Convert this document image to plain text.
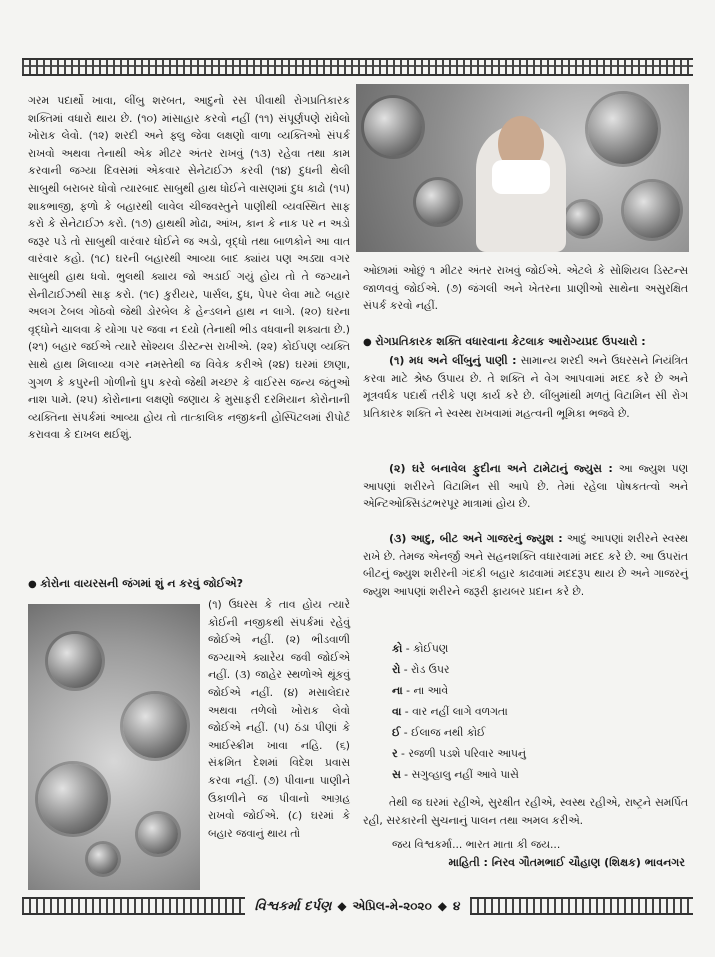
ગરમ પદાર્થો ખાવા, લીંબુ શરબત, આદુનો રસ પીવાથી રોગપ્રતિકારક શક્તિમાં વધારો થાય છે. (૧૦) માંસાહાર કરવો નહીં (૧૧) સંપૂર્ણપણે રાંધેલો ખોરાક લેવો. (૧૨) શરદી અને ફ્લુ જેવા લક્ષણો વાળા વ્યક્તિઓ સંપર્ક રાખવો અથવા તેનાથી એક મીટર અંતર રાખવું (૧૩) રહેવા તથા કામ કરવાની જગ્યા દિવસમાં એકવાર સેનેટાઈઝ કરવી (૧૪) દુધની થેલી સાબુથી બરાબર ધોવો ત્યારબાદ સાબુથી હાથ ધોઈને વાસણમાં દુધ કાઢો (૧૫) શાકભાજી, ફળો કે બહારથી લાવેલ ચીજવસ્તુને પાણીથી વ્યવસ્થિત સાફ કરો કે સેનેટાઈઝ કરો. (૧૭) હાથથી મોઢા, આંખ, કાન કે નાક પર ન અડો જરૂર પડે તો સાબુથી વારંવાર ધોઈને જ અડો, વૃદ્ધો તથા બાળકોને આ વાત વારંવાર કહો. (૧૮) ઘરની બહારથી આવ્યા બાદ ક્યાંય પણ અડ્યા વગર સાબુથી હાથ ધવો. ભુલથી ક્યાય જો અડાઈ ગયું હોય તો તે જગ્યાને સેનીટાઈઝથી સાફ કરો. (૧૯) કુરીયર, પાર્સલ, દુધ, પેપર લેવા માટે બહાર અલગ ટેબલ ગોઠવો જેથી ડોરબેલ કે હેન્ડલને હાથ ન લાગે. (૨૦) ઘરના વૃદ્ધોને ચાલવા કે યોગા પર જવા ન દયો (તેનાથી ભીડ વધવાની શક્યતા છે.) (૨૧) બહાર જઈએ ત્યારે સોશ્યલ ડીસ્ટન્સ રાખીએ. (૨૨) કોઈપણ વ્યક્તિ સાથે હાથ મિલાવ્યા વગર નમસ્તેથી જ વિવેક કરીએ (૨૪) ઘરમાં છાણા, ગુગળ કે કપુરની ગોળીનો ધુપ કરવો જેથી મચ્છર કે વાઈરસ જન્ય જંતુઓ નાશ પામે. (૨૫) કોરોનાના લક્ષણો જણાય કે મુસાફરી દરમિયાન કોરોનાની વ્યક્તિના સંપર્કમાં આવ્યા હોય તો તાત્કાલિક નજીકની હોસ્પિટલમાં રીપોર્ટ કરાવવા કે દાખલ થઈશું.

● કોરોના વાયરસની જંગમાં શું ન કરવું જોઈએ?

(૧) ઉધરસ કે તાવ હોય ત્યારે કોઈની નજીકથી સંપર્કમાં રહેવું જોઈએ નહીં. (૨) ભીડવાળી જગ્યાએ ક્યારેય જવી જોઈએ નહીં. (૩) જાહેર સ્થળોએ થૂંકવું જોઈએ નહીં. (૪) મસાલેદાર અથવા તળેલો ખોરાક લેવો જોઈએ નહીં. (૫) ઠંડા પીણાં કે આઈસ્ક્રીમ ખાવા નહિ. (૬) સંક્રમિત દેશમાં વિદેશ પ્રવાસ કરવા નહીં. (૭) પીવાના પાણીને ઉકાળીને જ પીવાનો આગ્રહ રાખવો જોઈએ. (૮) ઘરમાં કે બહાર જવાનું થાય તો

ઓછામાં ઓછું ૧ મીટર અંતર રાખવું જોઈએ. એટલે કે સોશિયલ ડિસ્ટન્સ જાળવવું જોઈએ. (૭) જંગલી અને ખેતરના પ્રાણીઓ સાથેના અસુરક્ષિત સંપર્ક કરવો નહીં.

● રોગપ્રતિકારક શક્તિ વધારવાના કેટલાક આરોગ્યપ્રદ ઉપચારો :

(૧) મધ અને લીંબુનું પાણી : સામાન્ય શરદી અને ઉધરસને નિયંત્રિત કરવા માટે શ્રેષ્ઠ ઉપાય છે. તે શક્તિ ને વેગ આપવામાં મદદ કરે છે અને મૂત્રવર્ધક પદાર્થ તરીકે પણ કાર્ય કરે છે. લીંબુમાંથી મળતું વિટામિન સી રોગ પ્રતિકારક શક્તિ ને સ્વસ્થ રાખવામાં મહત્વની ભૂમિકા ભજવે છે.

(૨) ઘરે બનાવેલ ફુદીના અને ટામેટાનું જ્યુસ : આ જ્યુશ પણ આપણાં શરીરને વિટામિન સી આપે છે. તેમાં રહેલા પોષકતત્વો અને એન્ટિઓક્સિડંટભરપૂર માત્રામાં હોય છે.

(૩) આદુ, બીટ અને ગાજરનું જ્યુશ : આદું આપણાં શરીરને સ્વસ્થ રાખે છે. તેમજ એનર્જી અને સહનશક્તિ વધારવામાં મદદ કરે છે. આ ઉપરાંત બીટનું જ્યુશ શરીરની ગંદકી બહાર કાઢવામાં મદદરૂપ થાય છે અને ગાજરનું જ્યુશ આપણાં શરીરને જરૂરી ફાયબર પ્રદાન કરે છે.

કો - કોઈપણ
રો - રોડ ઉપર
ના - ના આવે
વા - વાર નહીં લાગે વળગતા
ઈ - ઈલાજ નથી કોઈ
ર - રજળી પડશે પરિવાર આપનું
સ - સગુવ્હાલુ નહીં આવે પાસે

તેથી જ ઘરમાં રહીએ, સુરક્ષીત રહીએ, સ્વસ્થ રહીએ, રાષ્ટ્રને સમર્પિત રહી, સરકારની સુચનાનું પાલન તથા અમલ કરીએ.

જય વિશ્વકર્મા... ભારત માતા કી જય...

માહિતી : નિરવ ગૌતમભાઈ ચૌહાણ (શિક્ષક) ભાવનગર
વિશ્વકર્મા દર્પણ ◆ એપ્રિલ-મે-૨૦૨૦ ◆ ૪
